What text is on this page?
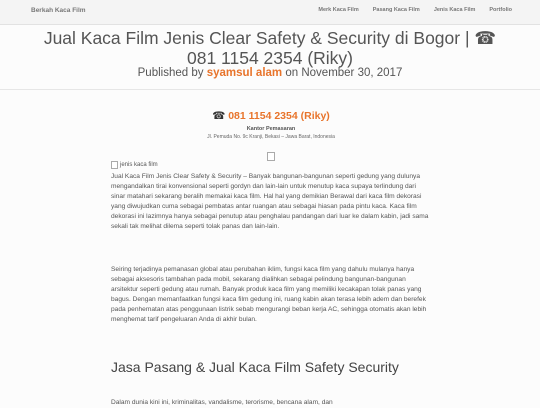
Berkah Kaca Film	Merk Kaca Film	Pasang Kaca Film	Jenis Kaca Film	Portfolio
Jual Kaca Film Jenis Clear Safety & Security di Bogor | ☎ 081 1154 2354 (Riky)
Published by syamsul alam on November 30, 2017
☎ 081 1154 2354 (Riky)
Kantor Pemasaran
Jl. Pemuda No. 9c Kranji, Bekasi – Jawa Barat, Indonesia
jenis kaca film

Jual Kaca Film Jenis Clear Safety & Security – Banyak bangunan-bangunan seperti gedung yang dulunya mengandalkan tirai konvensional seperti gordyn dan lain-lain untuk menutup kaca supaya terlindung dari sinar matahari sekarang beralih memakai kaca film. Hal hal yang demikian Berawal dari kaca film dekorasi yang diwujudkan cuma sebagai pembatas antar ruangan atau sebagai hiasan pada pintu kaca. Kaca film dekorasi ini lazimnya hanya sebagai penutup atau penghalau pandangan dari luar ke dalam kabin, jadi sama sekali tak melihat dilema seperti tolak panas dan lain-lain.

Seiring terjadinya pemanasan global atau perubahan iklim, fungsi kaca film yang dahulu mulanya hanya sebagai aksesoris tambahan pada mobil, sekarang dialihkan sebagai pelindung bangunan-bangunan arsitektur seperti gedung atau rumah. Banyak produk kaca film yang memiliki kecakapan tolak panas yang bagus. Dengan memanfaatkan fungsi kaca film gedung ini, ruang kabin akan terasa lebih adem dan berefek pada penhematan atas penggunaan listrik sebab mengurangi beban kerja AC, sehingga otomatis akan lebih menghemat tarif pengeluaran Anda di akhir bulan.

Jasa Pasang & Jual Kaca Film Safety Security

Dalam dunia kini ini, kriminalitas, vandalisme, terorisme, bencana alam, dan
